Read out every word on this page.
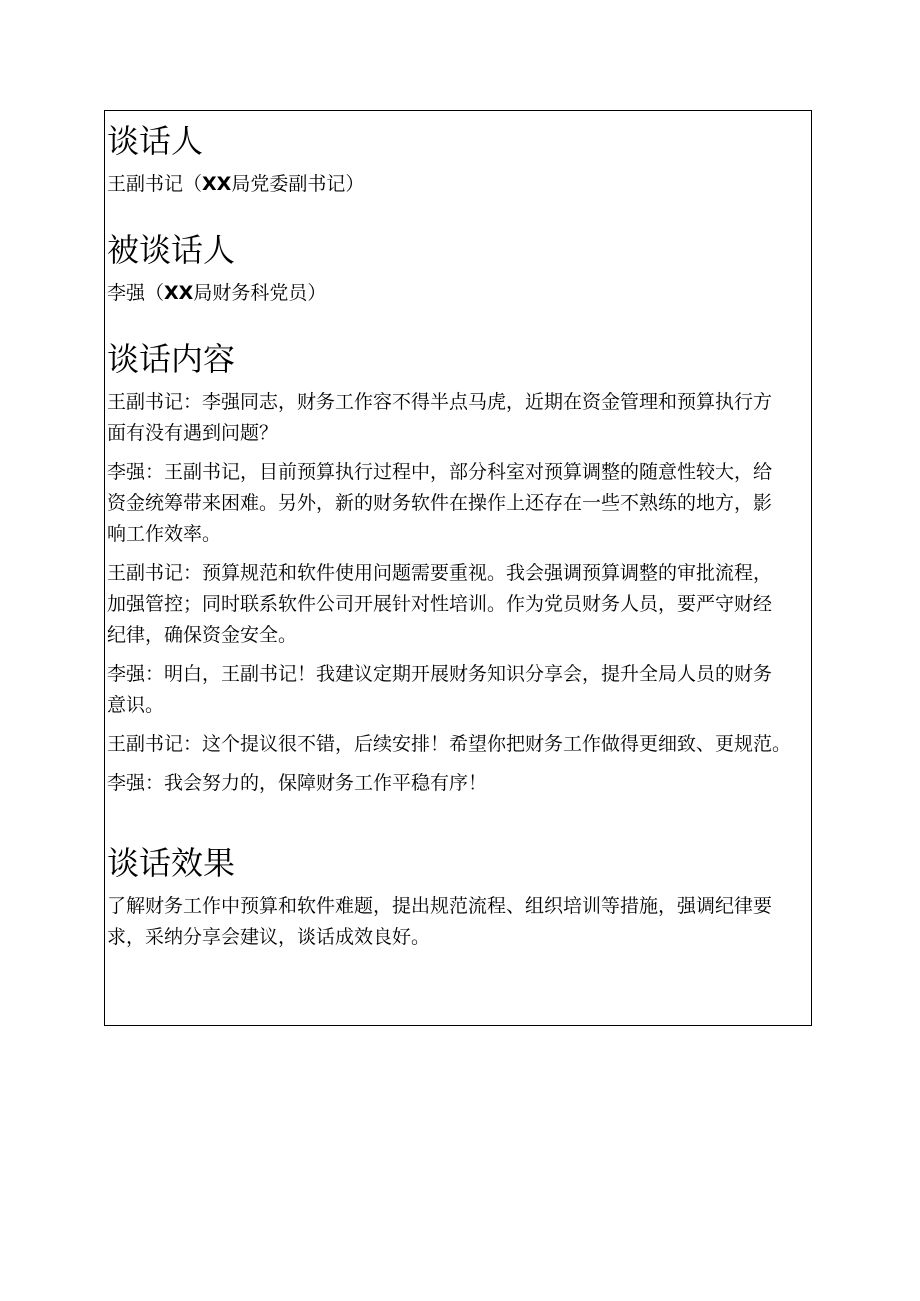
谈话人

王副书记（XX局党委副书记）

被谈话人

李强（XX局财务科党员）

谈话内容

王副书记：李强同志，财务工作容不得半点马虎，近期在资金管理和预算执行方
面有没有遇到问题？

李强：王副书记，目前预算执行过程中，部分科室对预算调整的随意性较大，给
资金统筹带来困难。另外，新的财务软件在操作上还存在一些不熟练的地方，影
响工作效率。

王副书记：预算规范和软件使用问题需要重视。我会强调预算调整的审批流程，
加强管控；同时联系软件公司开展针对性培训。作为党员财务人员，要严守财经
纪律，确保资金安全。

李强：明白，王副书记！我建议定期开展财务知识分享会，提升全局人员的财务
意识。

王副书记：这个提议很不错，后续安排！希望你把财务工作做得更细致、更规范。

李强：我会努力的，保障财务工作平稳有序！

谈话效果

了解财务工作中预算和软件难题，提出规范流程、组织培训等措施，强调纪律要
求，采纳分享会建议，谈话成效良好。
